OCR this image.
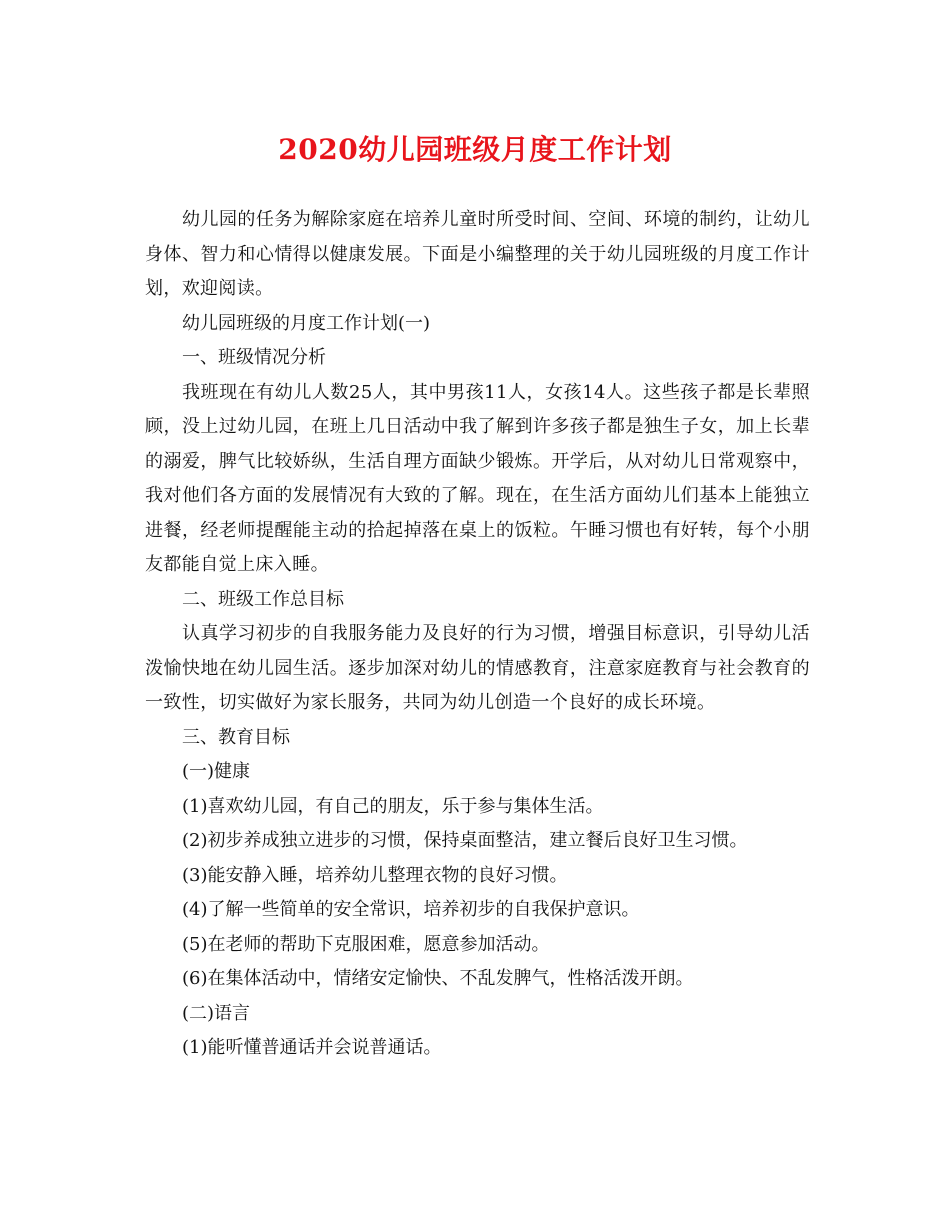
2020幼儿园班级月度工作计划

幼儿园的任务为解除家庭在培养儿童时所受时间、空间、环境的制约，让幼儿身体、智力和心情得以健康发展。下面是小编整理的关于幼儿园班级的月度工作计划，欢迎阅读。

幼儿园班级的月度工作计划(一)

一、班级情况分析

我班现在有幼儿人数25人，其中男孩11人，女孩14人。这些孩子都是长辈照顾，没上过幼儿园，在班上几日活动中我了解到许多孩子都是独生子女，加上长辈的溺爱，脾气比较娇纵，生活自理方面缺少锻炼。开学后，从对幼儿日常观察中，我对他们各方面的发展情况有大致的了解。现在，在生活方面幼儿们基本上能独立进餐，经老师提醒能主动的拾起掉落在桌上的饭粒。午睡习惯也有好转，每个小朋友都能自觉上床入睡。

二、班级工作总目标

认真学习初步的自我服务能力及良好的行为习惯，增强目标意识，引导幼儿活泼愉快地在幼儿园生活。逐步加深对幼儿的情感教育，注意家庭教育与社会教育的一致性，切实做好为家长服务，共同为幼儿创造一个良好的成长环境。

三、教育目标

(一)健康

(1)喜欢幼儿园，有自己的朋友，乐于参与集体生活。

(2)初步养成独立进步的习惯，保持桌面整洁，建立餐后良好卫生习惯。

(3)能安静入睡，培养幼儿整理衣物的良好习惯。

(4)了解一些简单的安全常识，培养初步的自我保护意识。

(5)在老师的帮助下克服困难，愿意参加活动。

(6)在集体活动中，情绪安定愉快、不乱发脾气，性格活泼开朗。

(二)语言

(1)能听懂普通话并会说普通话。
